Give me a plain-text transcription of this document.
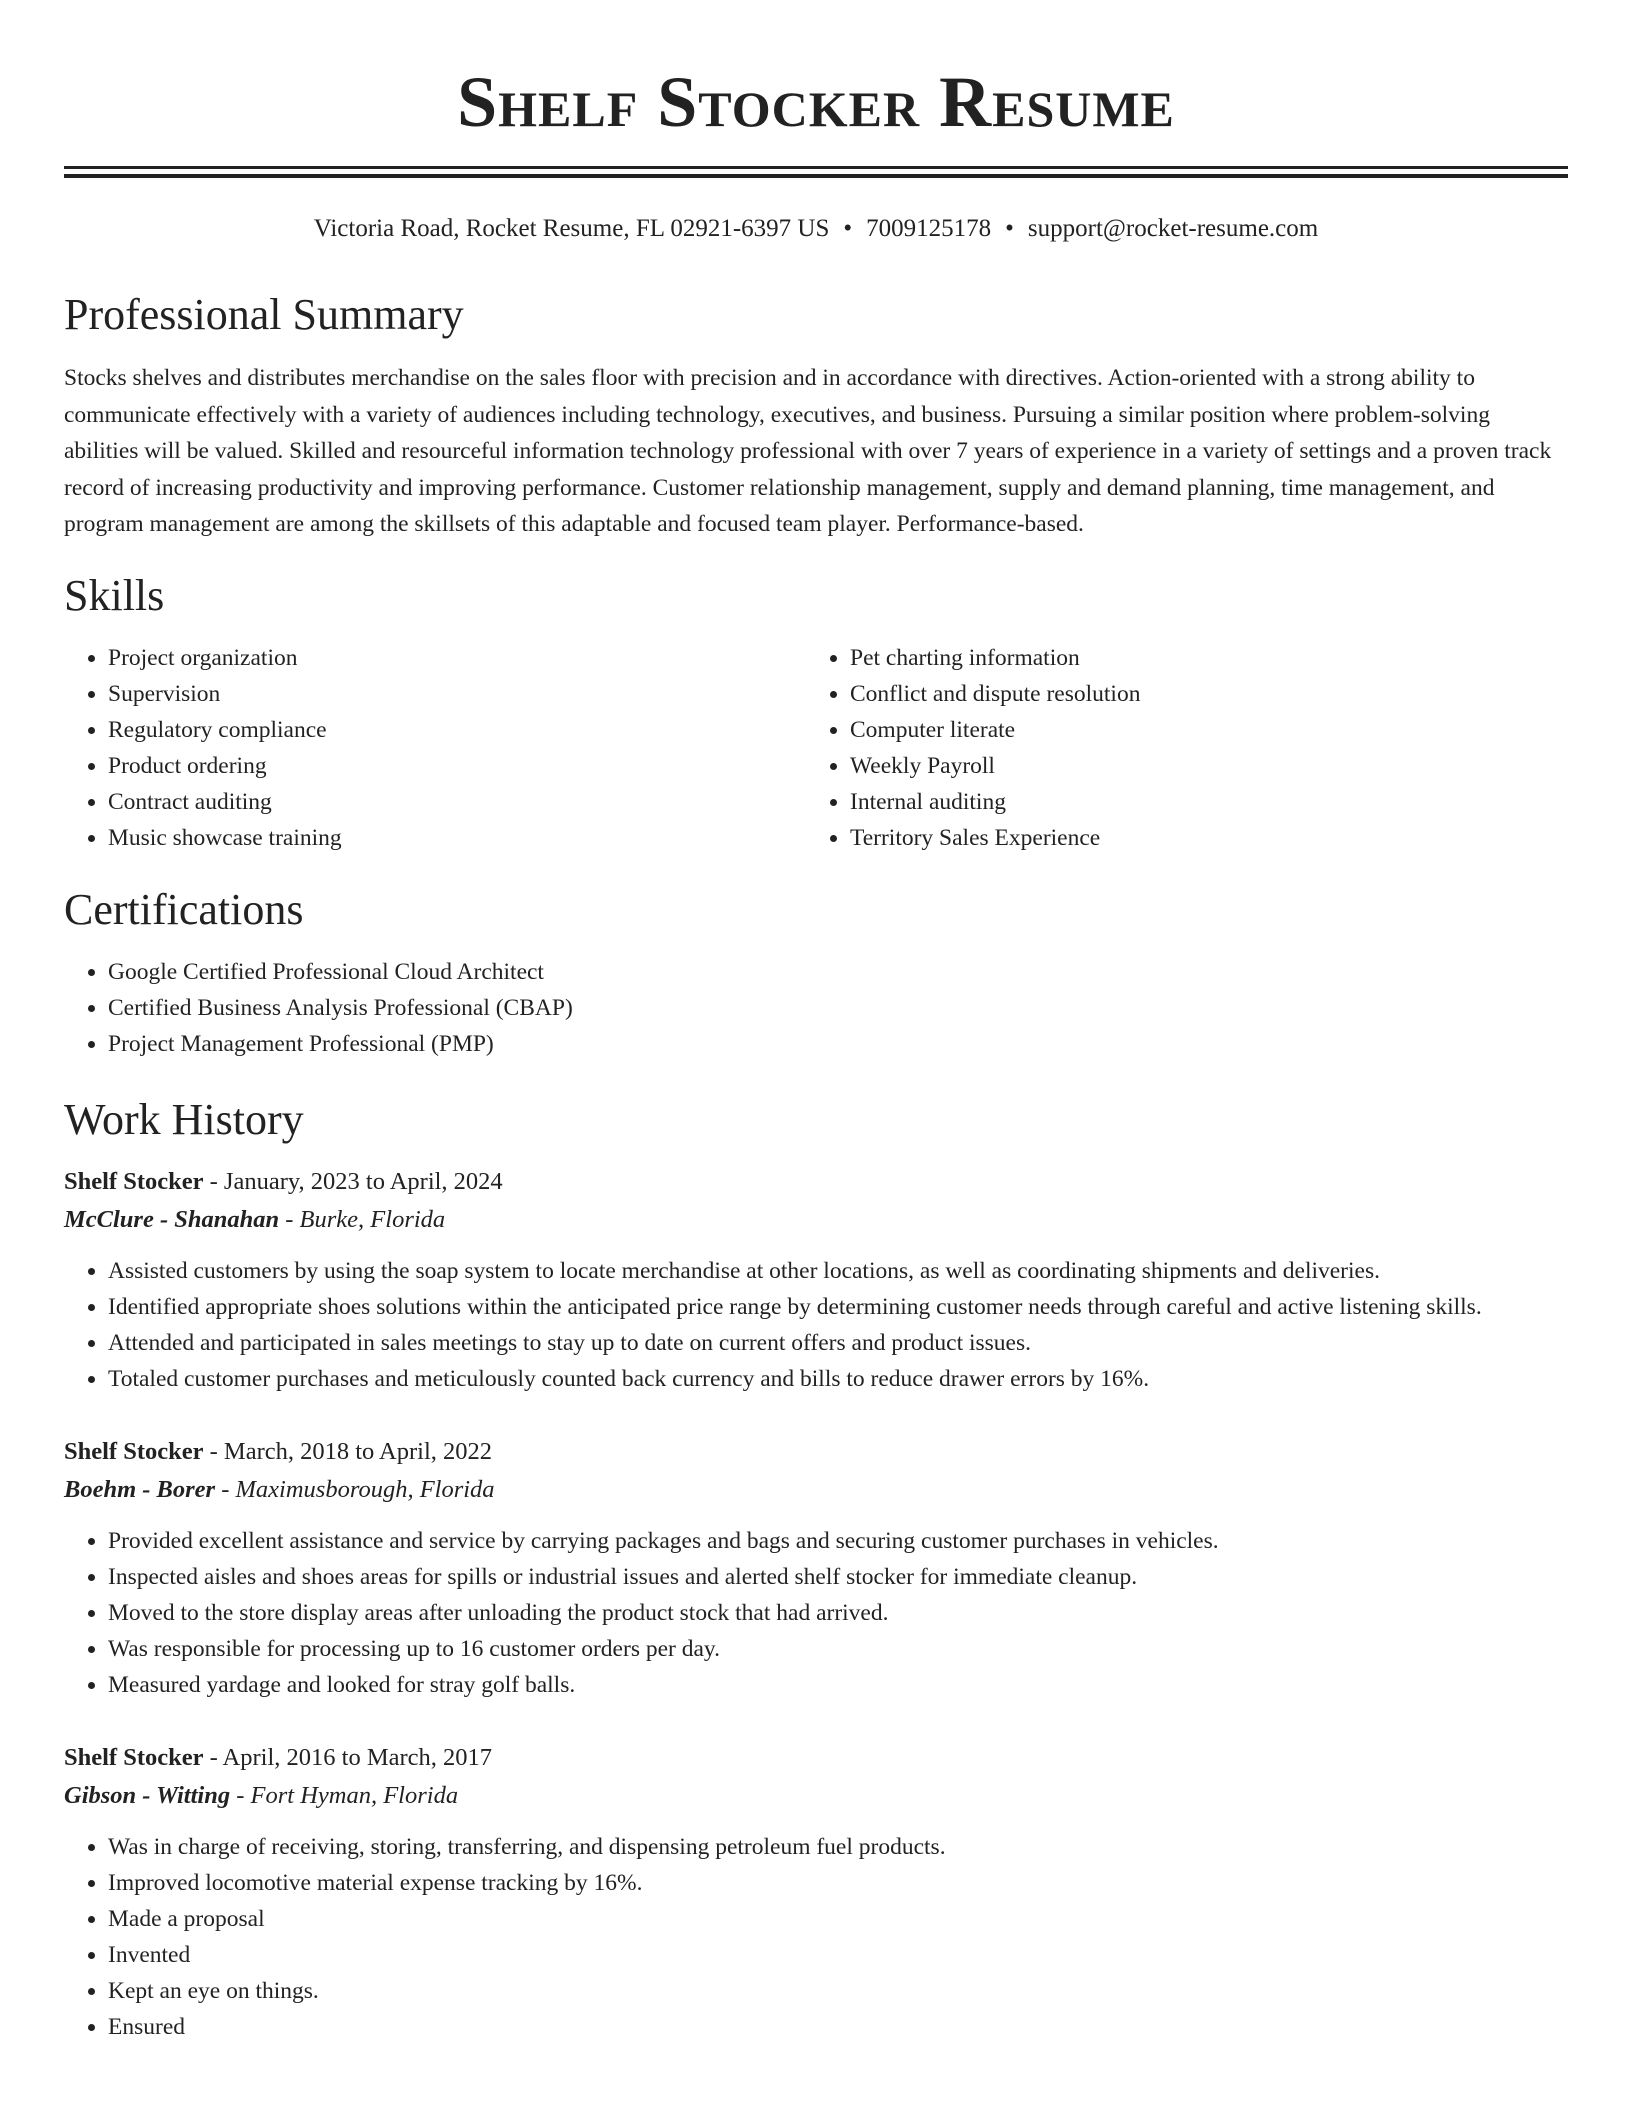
Shelf Stocker Resume
Victoria Road, Rocket Resume, FL 02921-6397 US • 7009125178 • support@rocket-resume.com
Professional Summary

Stocks shelves and distributes merchandise on the sales floor with precision and in accordance with directives. Action-oriented with a strong ability to communicate effectively with a variety of audiences including technology, executives, and business. Pursuing a similar position where problem-solving abilities will be valued. Skilled and resourceful information technology professional with over 7 years of experience in a variety of settings and a proven track record of increasing productivity and improving performance. Customer relationship management, supply and demand planning, time management, and program management are among the skillsets of this adaptable and focused team player. Performance-based.

Skills
• Project organization
• Supervision
• Regulatory compliance
• Product ordering
• Contract auditing
• Music showcase training
• Pet charting information
• Conflict and dispute resolution
• Computer literate
• Weekly Payroll
• Internal auditing
• Territory Sales Experience
Certifications
• Google Certified Professional Cloud Architect
• Certified Business Analysis Professional (CBAP)
• Project Management Professional (PMP)
Work History
Shelf Stocker - January, 2023 to April, 2024
McClure - Shanahan - Burke, Florida
• Assisted customers by using the soap system to locate merchandise at other locations, as well as coordinating shipments and deliveries.
• Identified appropriate shoes solutions within the anticipated price range by determining customer needs through careful and active listening skills.
• Attended and participated in sales meetings to stay up to date on current offers and product issues.
• Totaled customer purchases and meticulously counted back currency and bills to reduce drawer errors by 16%.
Shelf Stocker - March, 2018 to April, 2022
Boehm - Borer - Maximusborough, Florida
• Provided excellent assistance and service by carrying packages and bags and securing customer purchases in vehicles.
• Inspected aisles and shoes areas for spills or industrial issues and alerted shelf stocker for immediate cleanup.
• Moved to the store display areas after unloading the product stock that had arrived.
• Was responsible for processing up to 16 customer orders per day.
• Measured yardage and looked for stray golf balls.
Shelf Stocker - April, 2016 to March, 2017
Gibson - Witting - Fort Hyman, Florida
• Was in charge of receiving, storing, transferring, and dispensing petroleum fuel products.
• Improved locomotive material expense tracking by 16%.
• Made a proposal
• Invented
• Kept an eye on things.
• Ensured
